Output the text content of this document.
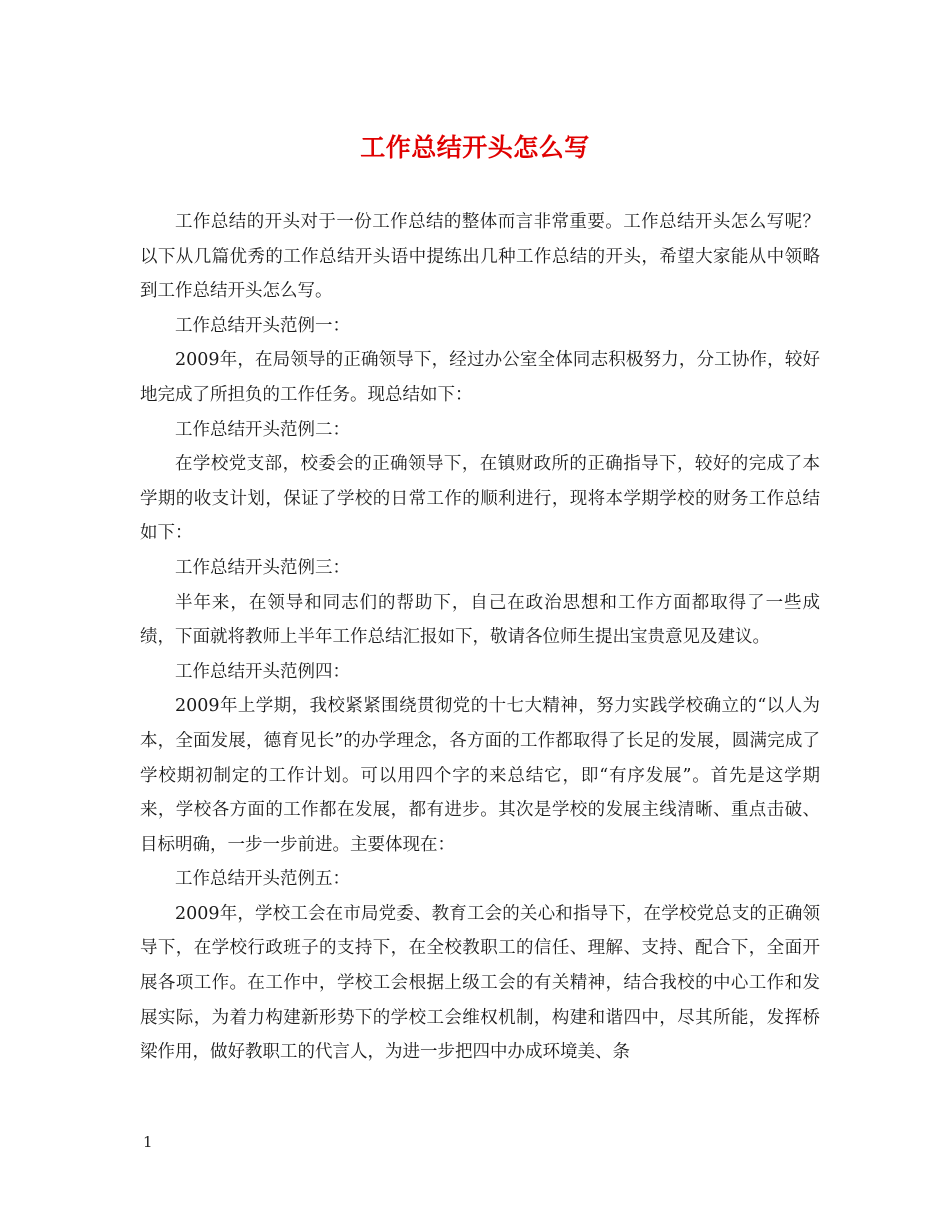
工作总结开头怎么写

工作总结的开头对于一份工作总结的整体而言非常重要。工作总结开头怎么写呢？以下从几篇优秀的工作总结开头语中提练出几种工作总结的开头，希望大家能从中领略到工作总结开头怎么写。

工作总结开头范例一：

2009年，在局领导的正确领导下，经过办公室全体同志积极努力，分工协作，较好地完成了所担负的工作任务。现总结如下：

工作总结开头范例二：

在学校党支部，校委会的正确领导下，在镇财政所的正确指导下，较好的完成了本学期的收支计划，保证了学校的日常工作的顺利进行，现将本学期学校的财务工作总结如下：

工作总结开头范例三：

半年来，在领导和同志们的帮助下，自己在政治思想和工作方面都取得了一些成绩，下面就将教师上半年工作总结汇报如下，敬请各位师生提出宝贵意见及建议。

工作总结开头范例四：

2009年上学期，我校紧紧围绕贯彻党的十七大精神，努力实践学校确立的“以人为本，全面发展，德育见长”的办学理念，各方面的工作都取得了长足的发展，圆满完成了学校期初制定的工作计划。可以用四个字的来总结它，即“有序发展”。首先是这学期来，学校各方面的工作都在发展，都有进步。其次是学校的发展主线清晰、重点击破、目标明确，一步一步前进。主要体现在：

工作总结开头范例五：

2009年，学校工会在市局党委、教育工会的关心和指导下，在学校党总支的正确领导下，在学校行政班子的支持下，在全校教职工的信任、理解、支持、配合下，全面开展各项工作。在工作中，学校工会根据上级工会的有关精神，结合我校的中心工作和发展实际，为着力构建新形势下的学校工会维权机制，构建和谐四中，尽其所能，发挥桥梁作用，做好教职工的代言人，为进一步把四中办成环境美、条

1
